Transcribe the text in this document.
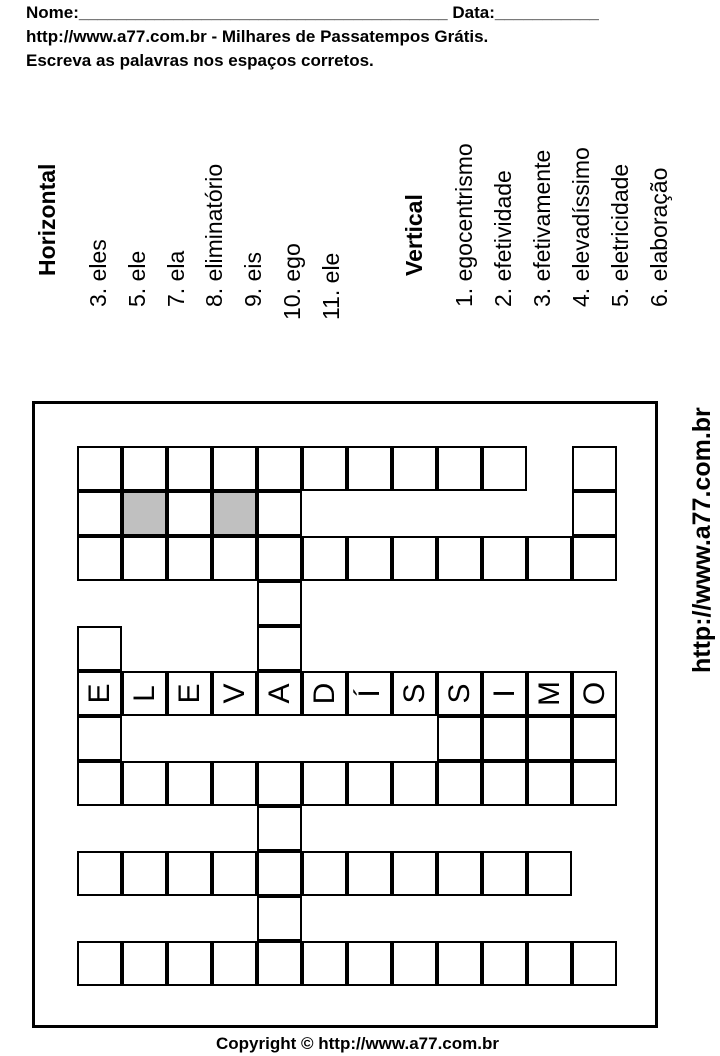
Nome:_______________________________________ Data:___________
http://www.a77.com.br - Milhares de Passatempos Grátis.
Escreva as palavras nos espaços corretos.
Horizontal 3. eles 5. ele 7. ela 8. eliminatório 9. eis 10. ego 11. ele
Vertical 1. egocentrismo 2. efetividade 3. efetivamente 4. elevadíssimo 5. eletricidade 6. elaboração
http://www.a77.com.br
E L E V A D Í S S I M O
Copyright © http://www.a77.com.br
